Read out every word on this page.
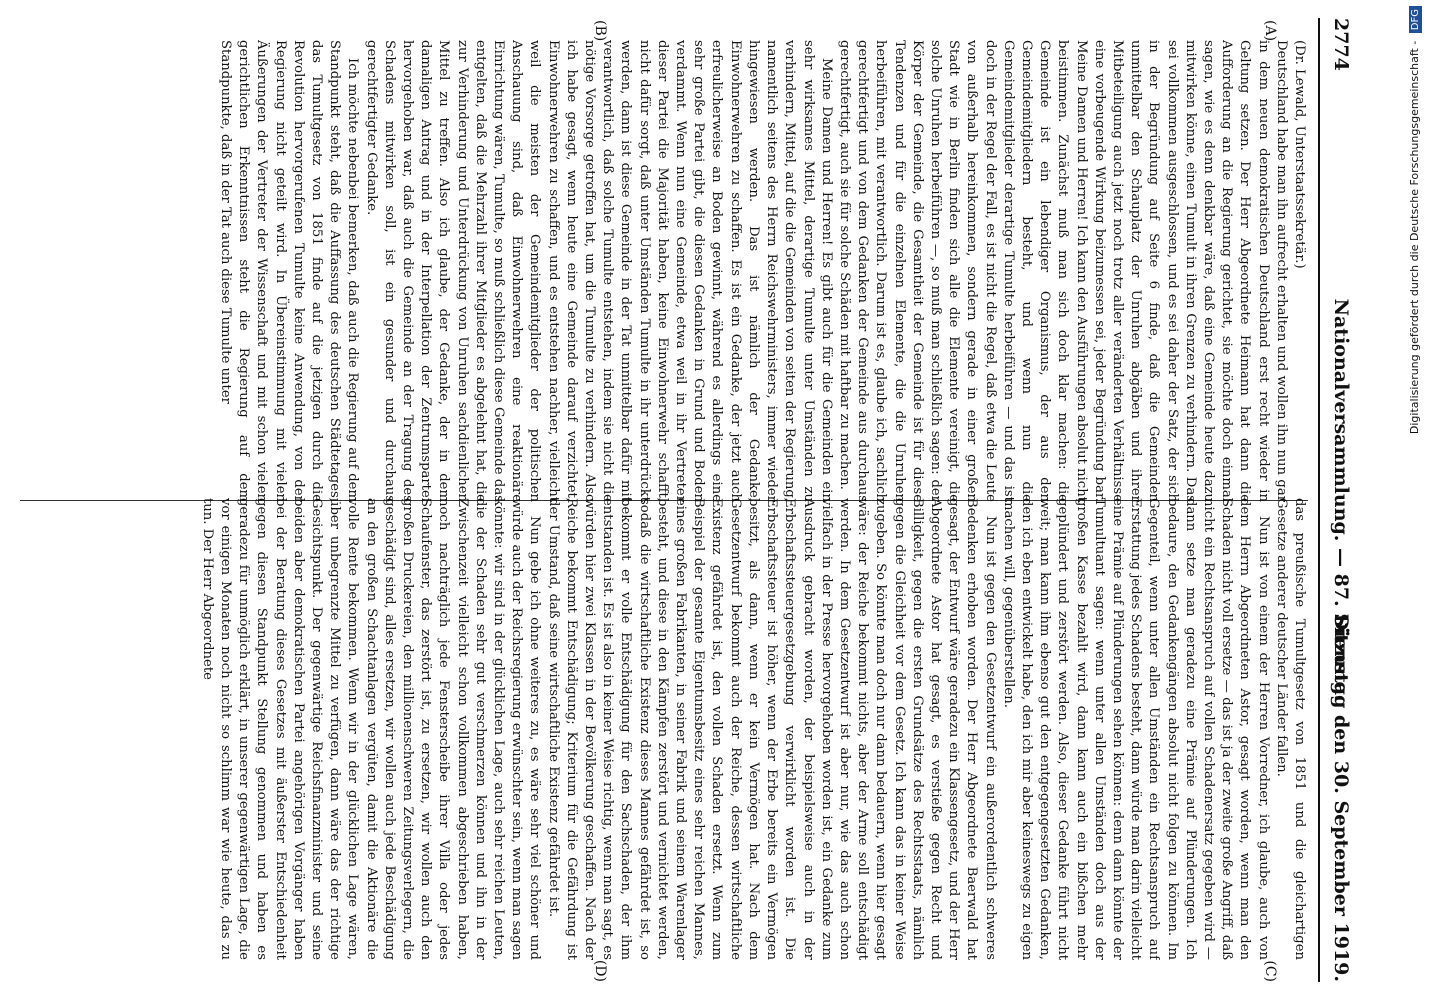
2774
Nationalversammlung. — 87. Sitzung.
Dienstag den 30. September 1919.
(A)
(B)
(C)
(D)

(Dr. Lewald, Unterstaatssekretär.)

Deutschland habe man ihn aufrecht erhalten und wollen ihn nun gar in dem neuen demokratischen Deutschland erst recht wieder in Geltung setzen. Der Herr Abgeordnete Heimann hat dann die Aufforderung an die Regierung gerichtet, sie möchte doch einmal sagen, wie es denn denkbar wäre, daß eine Gemeinde heute dazu mitwirken könne, einen Tumult in ihren Grenzen zu verhindern. Das sei vollkommen ausgeschlossen, und es sei daher der Satz, der sich in der Begründung auf Seite 6 finde, daß die Gemeinden unmittelbar den Schauplatz der Unruhen abgäben und ihrer Mitbeteiligung auch jetzt noch trotz aller veränderten Verhältnisse eine vorbeugende Wirkung beizumessen sei, jeder Begründung bar. Meine Damen und Herren! Ich kann den Ausführungen absolut nicht beistimmen. Zunächst muß man sich doch klar machen: die Gemeinde ist ein lebendiger Organismus, der aus den Gemeindemitgliedern besteht, und wenn nun die Gemeindemitglieder derartige Tumulte herbeiführen — und das ist doch in der Regel der Fall, es ist nicht die Regel, daß etwa die Leute von außerhalb hereinkommen, sondern gerade in einer großen Stadt wie in Berlin finden sich alle die Elemente vereinigt, die solche Unruhen herbeiführen —, so muß man schließlich sagen: der Körper der Gemeinde, die Gesamtheit der Gemeinde ist für diese Tendenzen und für die einzelnen Elemente, die die Unruhen herbeiführen, mit verantwortlich. Darum ist es, glaube ich, sachlich gerechtfertigt und von dem Gedanken der Gemeinde aus durchaus gerechtfertigt, auch sie für solche Schäden mit haftbar zu machen.

Meine Damen und Herren! Es gibt auch für die Gemeinden ein sehr wirksames Mittel, derartige Tumulte unter Umständen zu verhindern, Mittel, auf die die Gemeinden von seiten der Regierung, namentlich seitens des Herrn Reichswehrministers, immer wieder hingewiesen werden. Das ist nämlich der Gedanke, Einwohnerwehren zu schaffen. Es ist ein Gedanke, der jetzt auch erfreulicherweise an Boden gewinnt, während es allerdings eine sehr große Partei gibt, die diesen Gedanken in Grund und Boden verdammt. Wenn nun eine Gemeinde, etwa weil in ihr Vertreter dieser Partei die Majorität haben, keine Einwohnerwehr schafft, nicht dafür sorgt, daß unter Umständen Tumulte in ihr unterdrückt werden, dann ist diese Gemeinde in der Tat unmittelbar dafür mit verantwortlich, daß solche Tumulte entstehen, indem sie nicht die nötige Vorsorge getroffen hat, um die Tumulte zu verhindern. Also ich habe gesagt, wenn heute eine Gemeinde darauf verzichtet, Einwohnerwehren zu schaffen, und es entstehen nachher, vielleicht weil die meisten der Gemeindemitglieder der politischen Anschauung sind, daß Einwohnerwehren eine reaktionäre Einrichtung wären, Tumulte, so muß schließlich diese Gemeinde das entgelten, daß die Mehrzahl ihrer Mitglieder es abgelehnt hat, die zur Verhinderung und Unterdrückung von Unruhen sachdienlichen Mittel zu treffen. Also ich glaube, der Gedanke, der in dem damaligen Antrag und in der Interpellation der Zentrumspartei hervorgehoben war, daß auch die Gemeinde an der Tragung des Schadens mitwirken soll, ist ein gesunder und durchaus gerechtfertigter Gedanke.

Ich möchte nebenbei bemerken, daß auch die Regierung auf dem Standpunkt steht, daß die Auffassung des deutschen Städtetages, das Tumultgesetz von 1851 finde auf die jetzigen durch die Revolution hervorgerufenen Tumulte keine Anwendung, von der Regierung nicht geteilt wird. In Übereinstimmung mit vielen Äußerungen der Vertreter der Wissenschaft und mit schon vielen gerichtlichen Erkenntnissen steht die Regierung auf dem Standpunkte, daß in der Tat auch diese Tumulte unter

das preußische Tumultgesetz von 1851 und die gleichartigen Gesetze anderer deutscher Länder fallen.

Nun ist von einem der Herren Vorredner, ich glaube, auch von dem Herrn Abgeordneten Astor, gesagt worden, wenn man den Schaden nicht voll ersetze — das ist ja der zweite große Angriff, daß nicht ein Rechtsanspruch auf vollen Schadenersatz gegeben wird — dann setze man geradezu eine Prämie auf Plünderungen. Ich bedaure, den Gedankengängen absolut nicht folgen zu können. Im Gegenteil, wenn unter allen Umständen ein Rechtsanspruch auf Erstattung jedes Schadens besteht, dann würde man darin vielleicht eine Prämie auf Plünderungen sehen können: denn dann könnte der Tumultuant sagen: wenn unter allen Umständen doch aus der großen Kasse bezahlt wird, dann kann auch ein bißchen mehr geplündert und zerstört werden. Also, dieser Gedanke führt nicht weit; man kann ihm ebenso gut den entgegengesetzten Gedanken, den ich eben entwickelt habe, den ich mir aber keineswegs zu eigen machen will, gegenüberstellen.

Nun ist gegen den Gesetzentwurf ein außerordentlich schweres Bedenken erhoben worden. Der Herr Abgeordnete Baerwald hat gesagt, der Entwurf wäre geradezu ein Klassengesetz, und der Herr Abgeordnete Astor hat gesagt, es verstieße gegen Recht und Billigkeit, gegen die ersten Grundsätze des Rechtsstaats, nämlich gegen die Gleichheit vor dem Gesetz. Ich kann das in keiner Weise zugeben. So könnte man doch nur dann bedauern, wenn hier gesagt wäre: der Reiche bekommt nichts, aber der Arme soll entschädigt werden. In dem Gesetzentwurf ist aber nur, wie das auch schon vielfach in der Presse hervorgehoben worden ist, ein Gedanke zum Ausdruck gebracht worden, der beispielsweise auch in der Erbschaftssteuergesetzgebung verwirklicht worden ist. Die Erbschaftssteuer ist höher, wenn der Erbe bereits ein Vermögen besitzt, als dann, wenn er kein Vermögen hat. Nach dem Gesetzentwurf bekommt auch der Reiche, dessen wirtschaftliche Existenz gefährdet ist, den vollen Schaden ersetzt. Wenn zum Beispiel der gesamte Eigentumsbesitz eines sehr reichen Mannes, eines großen Fabrikanten, in seiner Fabrik und seinem Warenlager besteht, und diese in den Kämpfen zerstört und vernichtet werden, sodaß die wirtschaftliche Existenz dieses Mannes gefährdet ist, so bekommt er volle Entschädigung für den Sachschaden, der ihm entstanden ist. Es ist also in keiner Weise richtig, wenn man sagt, es würden hier zwei Klassen in der Bevölkerung geschaffen. Nach der Reiche bekommt Entschädigung; Kriterium für die Gefährdung ist der Umstand, daß seine wirtschaftliche Existenz gefährdet ist.

Nun gebe ich ohne weiteres zu, es wäre sehr viel schöner und würde auch der Reichsregierung erwünschter sein, wenn man sagen könnte: wir sind in der glücklichen Lage, auch sehr reichen Leuten, die der Schaden sehr gut verschmerzen können und ihn in der Zwischenzeit vielleicht schon vollkommen abgeschrieben haben, noch nachträglich jede Fensterscheibe ihrer Villa oder jedes Schaufenster, das zerstört ist, zu ersetzen, wir wollen auch den großen Druckereien, den millionenschweren Zeitungsverlegern, die geschädigt sind, alles ersetzen, wir wollen auch jede Beschädigung an den großen Schachtanlagen vergüten, damit die Aktionäre die volle Rente bekommen. Wenn wir in der glücklichen Lage wären, über unbegrenzte Mittel zu verfügen, dann wäre das der richtige Gesichtspunkt. Der gegenwärtige Reichsfinanzminister und seine beiden aber demokratischen Partei angehörigen Vorgänger haben bei der Beratung dieses Gesetzes mit äußerster Entschiedenheit gegen diesen Standpunkt Stellung genommen und haben es geradezu für unmöglich erklärt, in unserer gegenwärtigen Lage, die vor einigen Monaten noch nicht so schlimm war wie heute, das zu tun. Der Herr Abgeordnete

Digitalisierung gefördert durch die Deutsche Forschungsgemeinschaft - DFG
